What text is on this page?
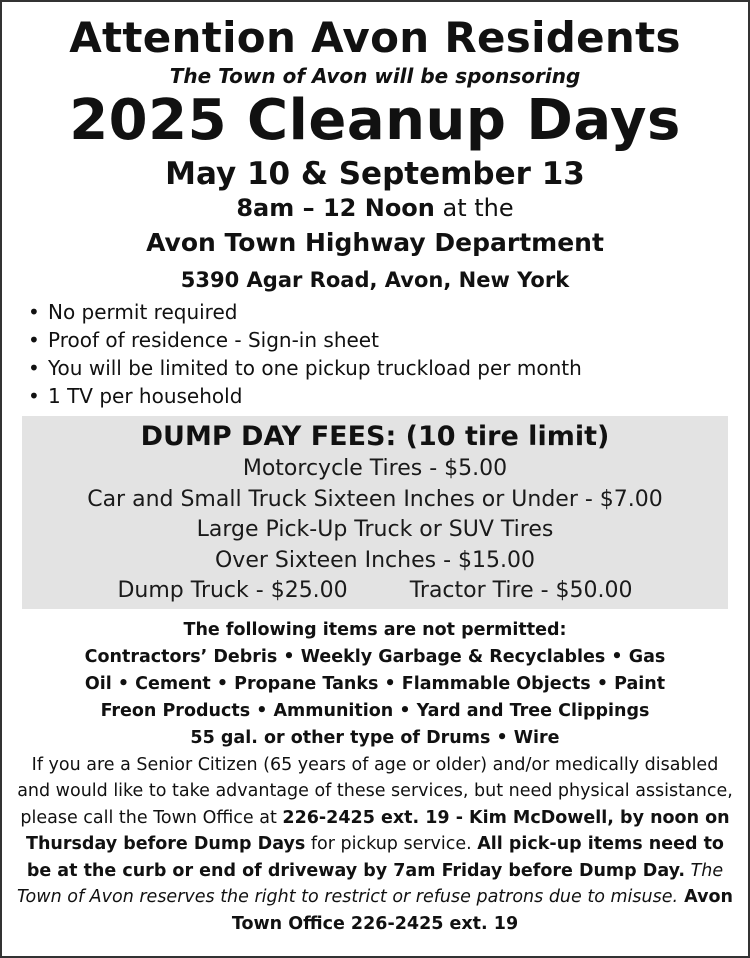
Attention Avon Residents
The Town of Avon will be sponsoring
2025 Cleanup Days
May 10 & September 13
8am – 12 Noon at the
Avon Town Highway Department
5390 Agar Road, Avon, New York
• No permit required
• Proof of residence - Sign-in sheet
• You will be limited to one pickup truckload per month
• 1 TV per household
DUMP DAY FEES: (10 tire limit)
Motorcycle Tires - $5.00
Car and Small Truck Sixteen Inches or Under - $7.00
Large Pick-Up Truck or SUV Tires
Over Sixteen Inches - $15.00
Dump Truck - $25.00	Tractor Tire - $50.00
The following items are not permitted:
Contractors’ Debris • Weekly Garbage & Recyclables • Gas
Oil • Cement • Propane Tanks • Flammable Objects • Paint
Freon Products • Ammunition • Yard and Tree Clippings
55 gal. or other type of Drums • Wire
If you are a Senior Citizen (65 years of age or older) and/or medically disabled and would like to take advantage of these services, but need physical assistance, please call the Town Office at 226-2425 ext. 19 - Kim McDowell, by noon on Thursday before Dump Days for pickup service. All pick-up items need to be at the curb or end of driveway by 7am Friday before Dump Day. The Town of Avon reserves the right to restrict or refuse patrons due to misuse. Avon Town Office 226-2425 ext. 19
